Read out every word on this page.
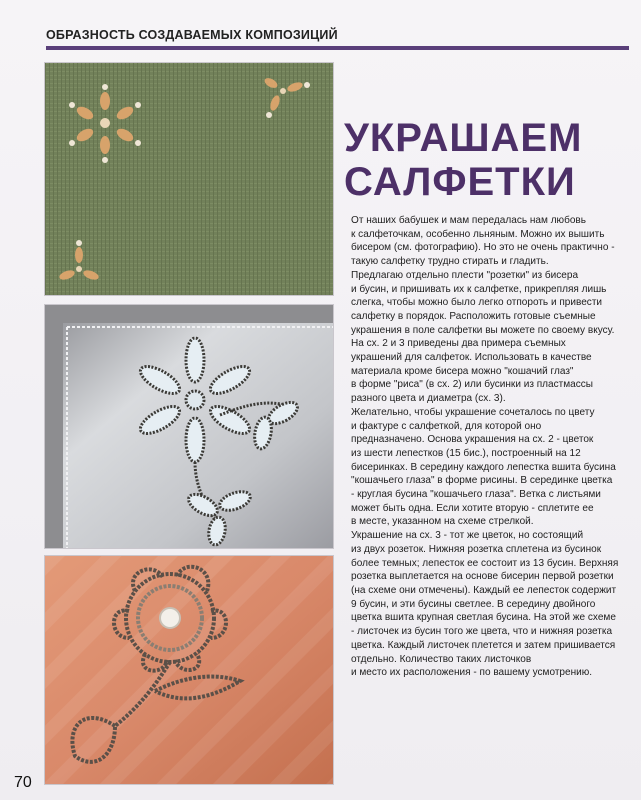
ОБРАЗНОСТЬ СОЗДАВАЕМЫХ КОМПОЗИЦИЙ
УКРАШАЕМ
САЛФЕТКИ

От наших бабушек и мам передалась нам любовь

к салфеточкам, особенно льняным. Можно их вышить

бисером (см. фотографию). Но это не очень практично -

такую салфетку трудно стирать и гладить.

Предлагаю отдельно плести "розетки" из бисера

и бусин, и пришивать их к салфетке, прикрепляя лишь

слегка, чтобы можно было легко отпороть и привести

салфетку в порядок. Расположить готовые съемные

украшения в поле салфетки вы можете по своему вкусу.

На сх. 2 и 3 приведены два примера съемных

украшений для салфеток. Использовать в качестве

материала кроме бисера можно "кошачий глаз"

в форме "риса" (в сх. 2) или бусинки из пластмассы

разного цвета и диаметра (сх. 3).

Желательно, чтобы украшение сочеталось по цвету

и фактуре с салфеткой, для которой оно

предназначено. Основа украшения на сх. 2 - цветок

из шести лепестков (15 бис.), построенный на 12

бисеринках. В середину каждого лепестка вшита бусина

"кошачьего глаза" в форме рисины. В серединке цветка

- круглая бусина "кошачьего глаза". Ветка с листьями

может быть одна. Если хотите вторую - сплетите ее

в месте, указанном на схеме стрелкой.

Украшение на сх. 3 - тот же цветок, но состоящий

из двух розеток. Нижняя розетка сплетена из бусинок

более темных; лепесток ее состоит из 13 бусин. Верхняя

розетка выплетается на основе бисерин первой розетки

(на схеме они отмечены). Каждый ее лепесток содержит

9 бусин, и эти бусины светлее. В середину двойного

цветка вшита крупная светлая бусина. На этой же схеме

- листочек из бусин того же цвета, что и нижняя розетка

цветка. Каждый листочек плетется и затем пришивается

отдельно. Количество таких листочков

и место их расположения - по вашему усмотрению.

70
